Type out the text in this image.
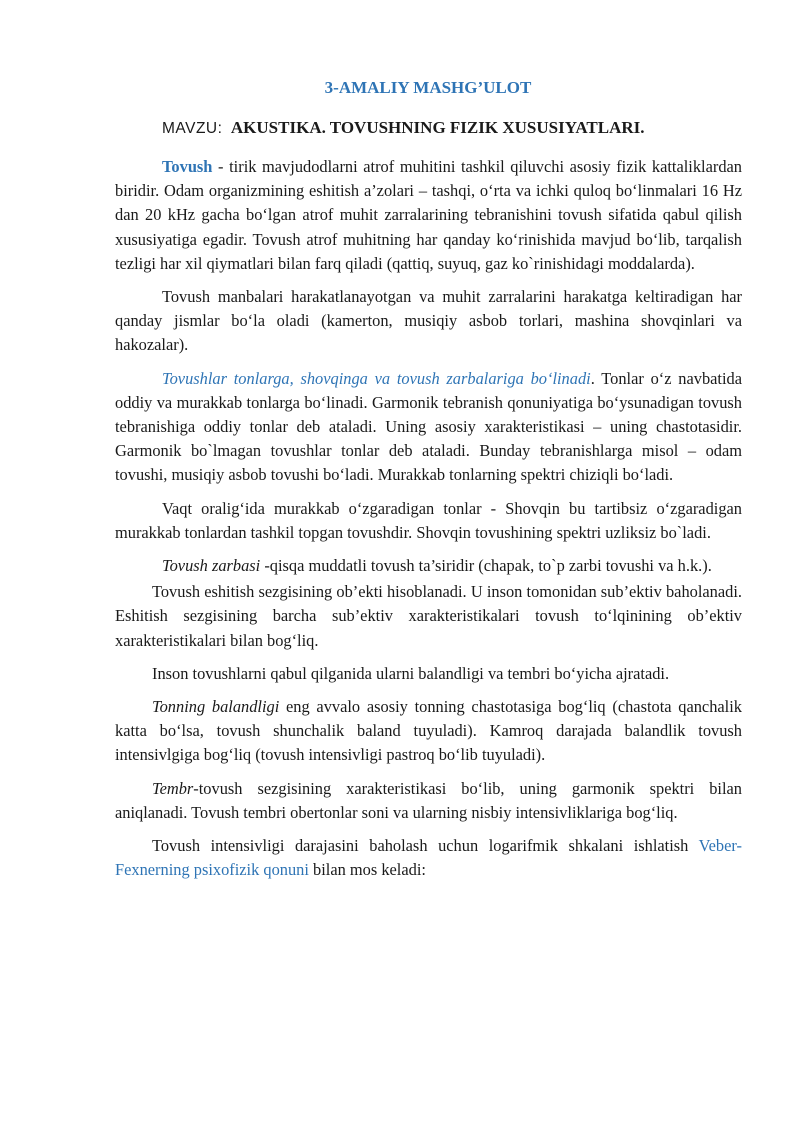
3-AMALIY MASHG’ULOT
MAVZU: AKUSTIKA. TOVUSHNING FIZIK XUSUSIYATLARI.

Tovush - tirik mavjudodlarni atrof muhitini tashkil qiluvchi asosiy fizik kattaliklardan biridir. Odam organizmining eshitish a’zolari – tashqi, o‘rta va ichki quloq bo‘linmalari 16 Hz dan 20 kHz gacha bo‘lgan atrof muhit zarralarining tebranishini tovush sifatida qabul qilish xususiyatiga egadir. Tovush atrof muhitning har qanday ko‘rinishida mavjud bo‘lib, tarqalish tezligi har xil qiymatlari bilan farq qiladi (qattiq, suyuq, gaz ko`rinishidagi moddalarda).

Tovush manbalari harakatlanayotgan va muhit zarralarini harakatga keltiradigan har qanday jismlar bo‘la oladi (kamerton, musiqiy asbob torlari, mashina shovqinlari va hakozalar).

Tovushlar tonlarga, shovqinga va tovush zarbalariga bo‘linadi. Tonlar o‘z navbatida oddiy va murakkab tonlarga bo‘linadi. Garmonik tebranish qonuniyatiga bo‘ysunadigan tovush tebranishiga oddiy tonlar deb ataladi. Uning asosiy xarakteristikasi – uning chastotasidir. Garmonik bo`lmagan tovushlar tonlar deb ataladi. Bunday tebranishlarga misol – odam tovushi, musiqiy asbob tovushi bo‘ladi. Murakkab tonlarning spektri chiziqli bo‘ladi.

Vaqt oralig‘ida murakkab o‘zgaradigan tonlar - Shovqin bu tartibsiz o‘zgaradigan murakkab tonlardan tashkil topgan tovushdir. Shovqin tovushining spektri uzliksiz bo`ladi.

Tovush zarbasi -qisqa muddatli tovush ta’siridir (chapak, to`p zarbi tovushi va h.k.).

Tovush eshitish sezgisining ob’ekti hisoblanadi. U inson tomonidan sub’ektiv baholanadi. Eshitish sezgisining barcha sub’ektiv xarakteristikalari tovush to‘lqinining ob’ektiv xarakteristikalari bilan bog‘liq.

Inson tovushlarni qabul qilganida ularni balandligi va tembri bo‘yicha ajratadi.

Tonning balandligi eng avvalo asosiy tonning chastotasiga bog‘liq (chastota qanchalik katta bo‘lsa, tovush shunchalik baland tuyuladi). Kamroq darajada balandlik tovush intensivlgiga bog‘liq (tovush intensivligi pastroq bo‘lib tuyuladi).

Tembr-tovush sezgisining xarakteristikasi bo‘lib, uning garmonik spektri bilan aniqlanadi. Tovush tembri obertonlar soni va ularning nisbiy intensivliklariga bog‘liq.

Tovush intensivligi darajasini baholash uchun logarifmik shkalani ishlatish Veber-Fexnerning psixofizik qonuni bilan mos keladi:
